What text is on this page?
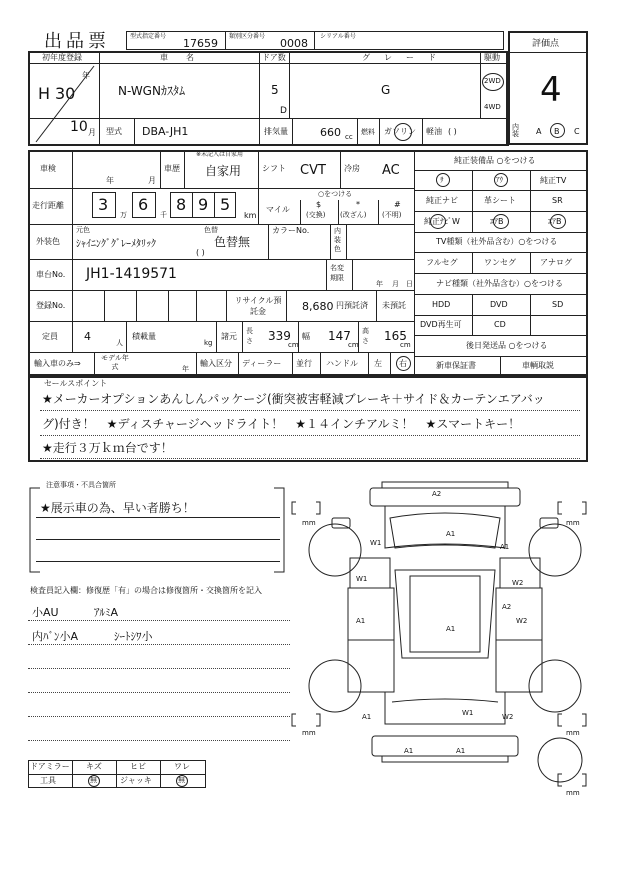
出品票	型式指定番号
17659
類別区分番号
0008
シリアル番号
評価点
4
初年度登録
年
H 30
10 月
車名
N-WGNｶｽﾀﾑ
ドア数
5
D
グレード
G
駆動
2WD
4WD
型式 DBA-JH1	排気量	660 cc
燃料 ガソリン 軽油 ( )	内装	A B C
車検
年	月
車歴
※未記入は自家用
自家用	シフト CVT 冷房 AC
走行距離 3
万
6
千
8 9 5
km
○をつける
マイル
$
(交換)
*
(改ざん)
#
(不明)
外装色
元色	色替
ｼｬｲﾆﾝｸﾞｸﾞﾚｰﾒﾀﾘｯｸ	色替無
( )
カラーNo.	内装色
車台No. JH1-1419571	名変期限
年 月 日
登録No.
リサイクル預託金	8,680 円預託済 未預託
定員 4	人
積載量
kg
諸元
長さ 339
cm
幅 147
cm
高さ 165
cm
輸入車のみ⇒
モデル年式	年
輸入区分 ディーラー 並行 ハンドル 左 右
純正装備品 ○をつける
ｻ	ｱｳ	純正TV
純正ナビ	革シート	SR
純正ﾅﾋﾞW	ｴｱB	ｴｱB
TV種類（社外品含む）○をつける
フルセグ	ワンセグ	アナログ
ナビ種類（社外品含む）○をつける
HDD	DVD	SD
DVD再生可	CD
後日発送品 ○をつける
新車保証書	車輌取説
セールスポイント
★メーカーオプションあんしんパッケージ(衝突被害軽減ブレーキ＋サイド＆カーテンエアバッ
グ)付き！　★ディスチャージヘッドライト！　★１４インチアルミ！　★スマートキー！
★走行３万ｋｍ台です！
注意事項・不具合箇所
★展示車の為、早い者勝ち！
検査員記入欄：修復歴「有」の場合は修復箇所・交換箇所を記入
小AU	ｱﾙﾐA
内ﾊﾞﾝ小A	ｼｰﾄｼﾜ小
ドアミラー キズ	ヒビ	ワレ
工具	無	ジャッキ	無
mm	mm
mm	mm
mm
A2
A1
W1	A1
W1
A1
W2
A2
W2
A1
A1	W1	W2
A1	A1
